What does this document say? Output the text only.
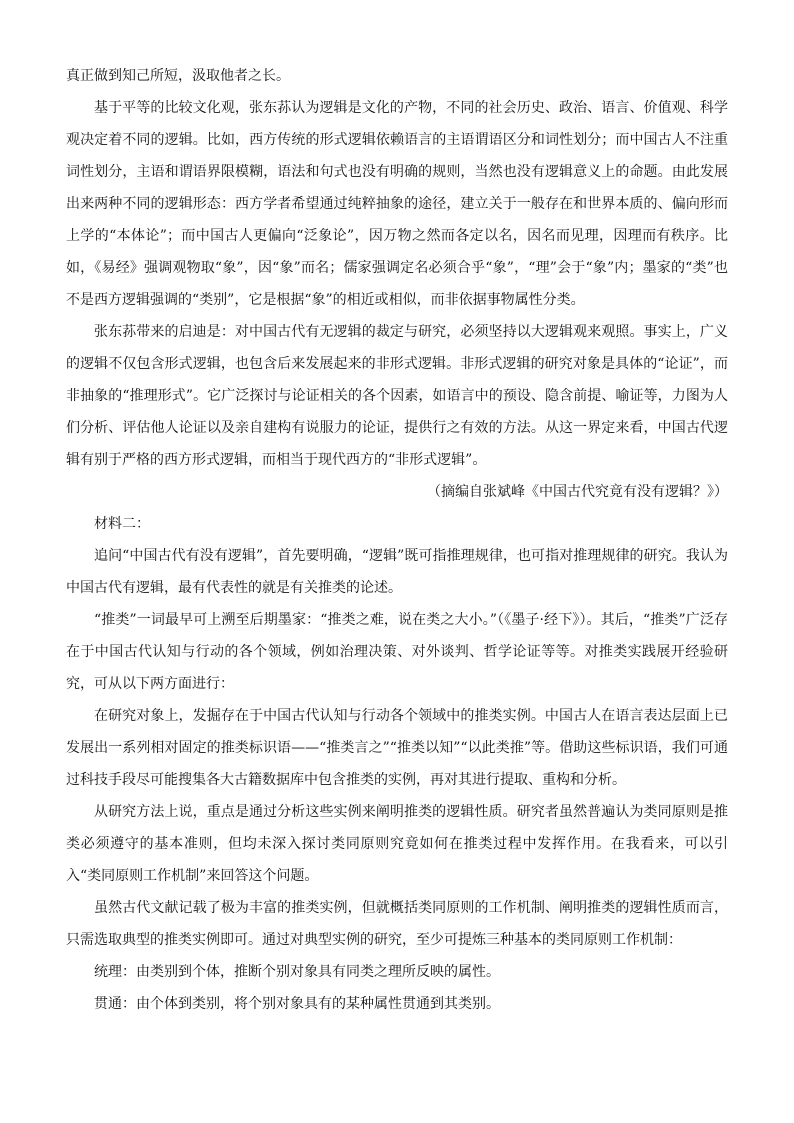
真正做到知己所短，汲取他者之长。

基于平等的比较文化观，张东荪认为逻辑是文化的产物，不同的社会历史、政治、语言、价值观、科学观决定着不同的逻辑。比如，西方传统的形式逻辑依赖语言的主语谓语区分和词性划分；而中国古人不注重词性划分，主语和谓语界限模糊，语法和句式也没有明确的规则，当然也没有逻辑意义上的命题。由此发展出来两种不同的逻辑形态：西方学者希望通过纯粹抽象的途径，建立关于一般存在和世界本质的、偏向形而上学的“本体论”；而中国古人更偏向“泛象论”，因万物之然而各定以名，因名而见理，因理而有秩序。比如，《易经》强调观物取“象”，因“象”而名；儒家强调定名必须合乎“象”，“理”会于“象”内；墨家的“类”也不是西方逻辑强调的“类别”，它是根据“象”的相近或相似，而非依据事物属性分类。

张东荪带来的启迪是：对中国古代有无逻辑的裁定与研究，必须坚持以大逻辑观来观照。事实上，广义的逻辑不仅包含形式逻辑，也包含后来发展起来的非形式逻辑。非形式逻辑的研究对象是具体的“论证”，而非抽象的“推理形式”。它广泛探讨与论证相关的各个因素，如语言中的预设、隐含前提、喻证等，力图为人们分析、评估他人论证以及亲自建构有说服力的论证，提供行之有效的方法。从这一界定来看，中国古代逻辑有别于严格的西方形式逻辑，而相当于现代西方的“非形式逻辑”。

（摘编自张斌峰《中国古代究竟有没有逻辑？》）

材料二：

追问“中国古代有没有逻辑”，首先要明确，“逻辑”既可指推理规律，也可指对推理规律的研究。我认为中国古代有逻辑，最有代表性的就是有关推类的论述。

“推类”一词最早可上溯至后期墨家：“推类之难，说在类之大小。”（《墨子·经下》）。其后，“推类”广泛存在于中国古代认知与行动的各个领域，例如治理决策、对外谈判、哲学论证等等。对推类实践展开经验研究，可从以下两方面进行：

在研究对象上，发掘存在于中国古代认知与行动各个领域中的推类实例。中国古人在语言表达层面上已发展出一系列相对固定的推类标识语——“推类言之”“推类以知”“以此类推”等。借助这些标识语，我们可通过科技手段尽可能搜集各大古籍数据库中包含推类的实例，再对其进行提取、重构和分析。

从研究方法上说，重点是通过分析这些实例来阐明推类的逻辑性质。研究者虽然普遍认为类同原则是推类必须遵守的基本准则，但均未深入探讨类同原则究竟如何在推类过程中发挥作用。在我看来，可以引入“类同原则工作机制”来回答这个问题。

虽然古代文献记载了极为丰富的推类实例，但就概括类同原则的工作机制、阐明推类的逻辑性质而言，只需选取典型的推类实例即可。通过对典型实例的研究，至少可提炼三种基本的类同原则工作机制：

统理：由类别到个体，推断个别对象具有同类之理所反映的属性。

贯通：由个体到类别，将个别对象具有的某种属性贯通到其类别。
